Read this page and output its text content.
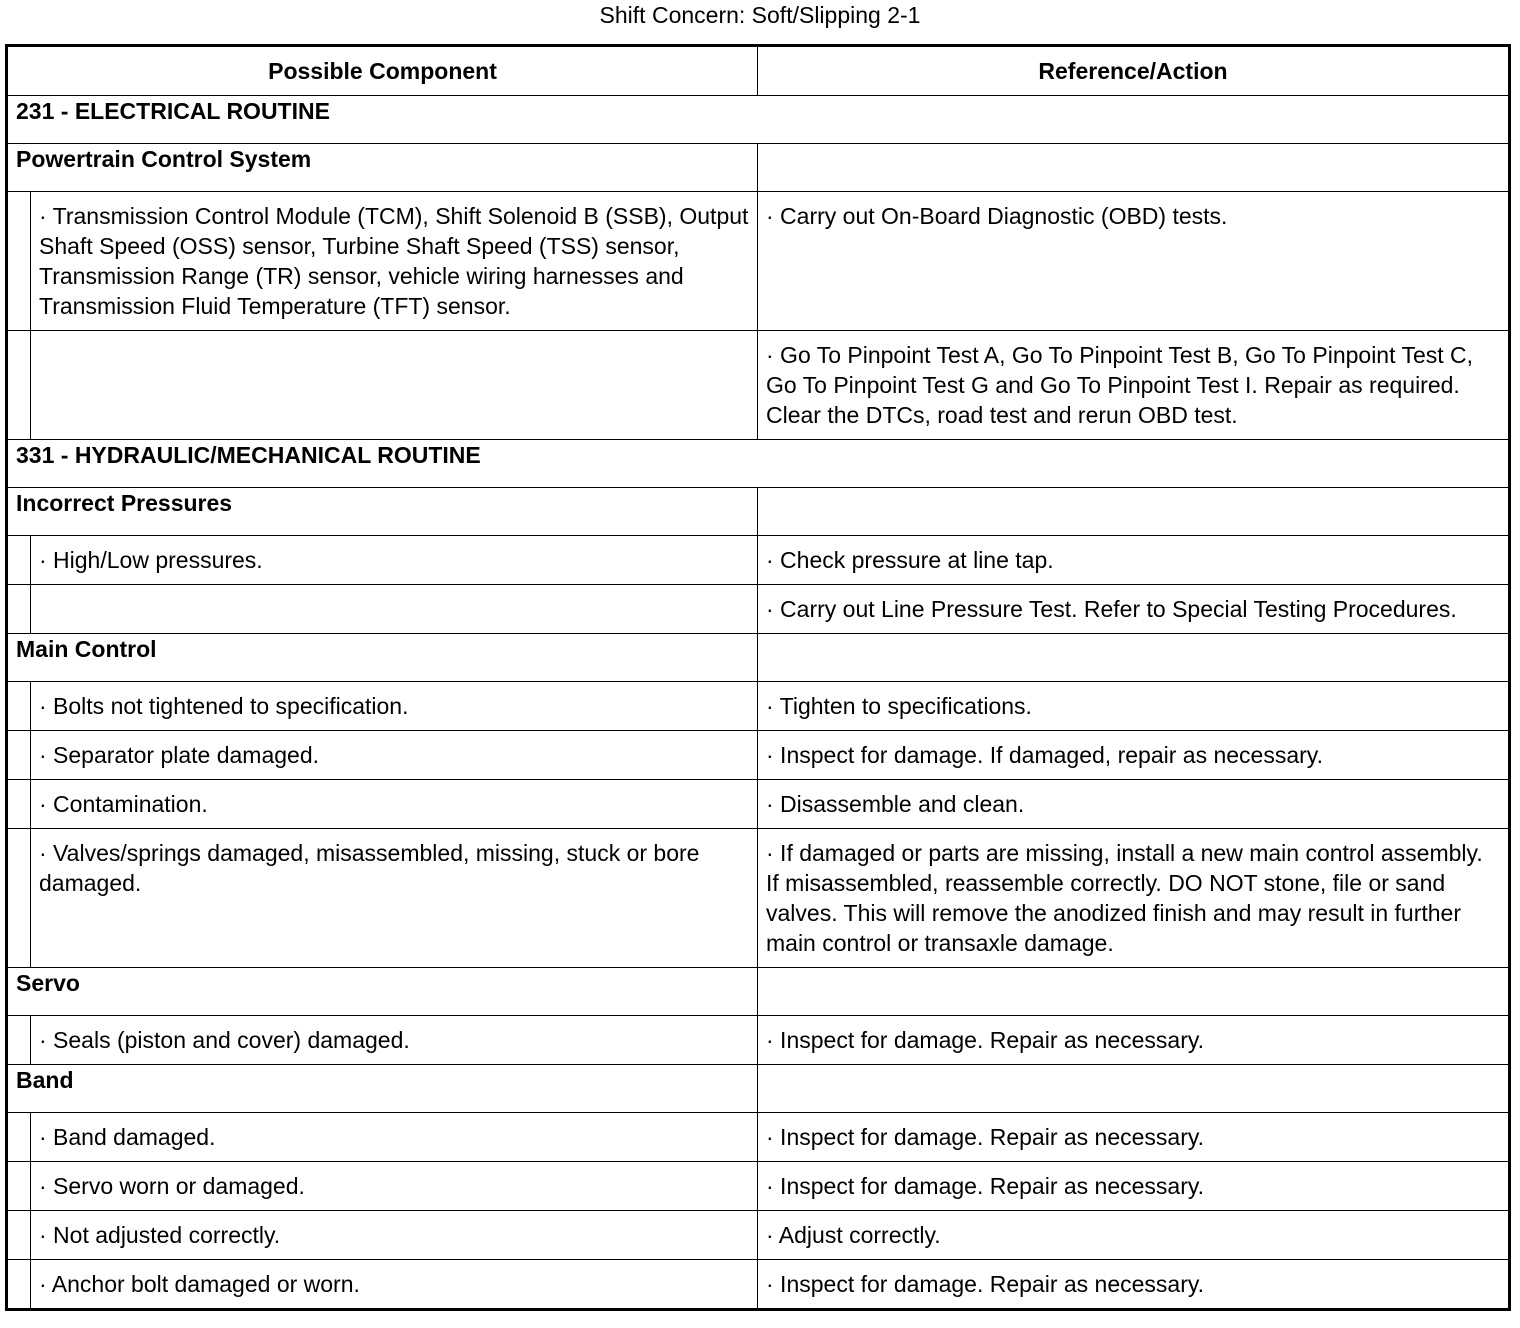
Shift Concern: Soft/Slipping 2-1
Possible Component		Reference/Action
231 - ELECTRICAL ROUTINE		
Powertrain Control System		
	· Transmission Control Module (TCM), Shift Solenoid B (SSB), Output Shaft Speed (OSS) sensor, Turbine Shaft Speed (TSS) sensor, Transmission Range (TR) sensor, vehicle wiring harnesses and Transmission Fluid Temperature (TFT) sensor.	· Carry out On-Board Diagnostic (OBD) tests.
		· Go To Pinpoint Test A, Go To Pinpoint Test B, Go To Pinpoint Test C, Go To Pinpoint Test G and Go To Pinpoint Test I. Repair as required. Clear the DTCs, road test and rerun OBD test.
331 - HYDRAULIC/MECHANICAL ROUTINE		
Incorrect Pressures		
	· High/Low pressures.	· Check pressure at line tap.
		· Carry out Line Pressure Test. Refer to Special Testing Procedures.
Main Control		
	· Bolts not tightened to specification.	· Tighten to specifications.
	· Separator plate damaged.	· Inspect for damage. If damaged, repair as necessary.
	· Contamination.	· Disassemble and clean.
	· Valves/springs damaged, misassembled, missing, stuck or bore damaged.	· If damaged or parts are missing, install a new main control assembly. If misassembled, reassemble correctly. DO NOT stone, file or sand valves. This will remove the anodized finish and may result in further main control or transaxle damage.
Servo		
	· Seals (piston and cover) damaged.	· Inspect for damage. Repair as necessary.
Band		
	· Band damaged.	· Inspect for damage. Repair as necessary.
	· Servo worn or damaged.	· Inspect for damage. Repair as necessary.
	· Not adjusted correctly.	· Adjust correctly.
	· Anchor bolt damaged or worn.	· Inspect for damage. Repair as necessary.
